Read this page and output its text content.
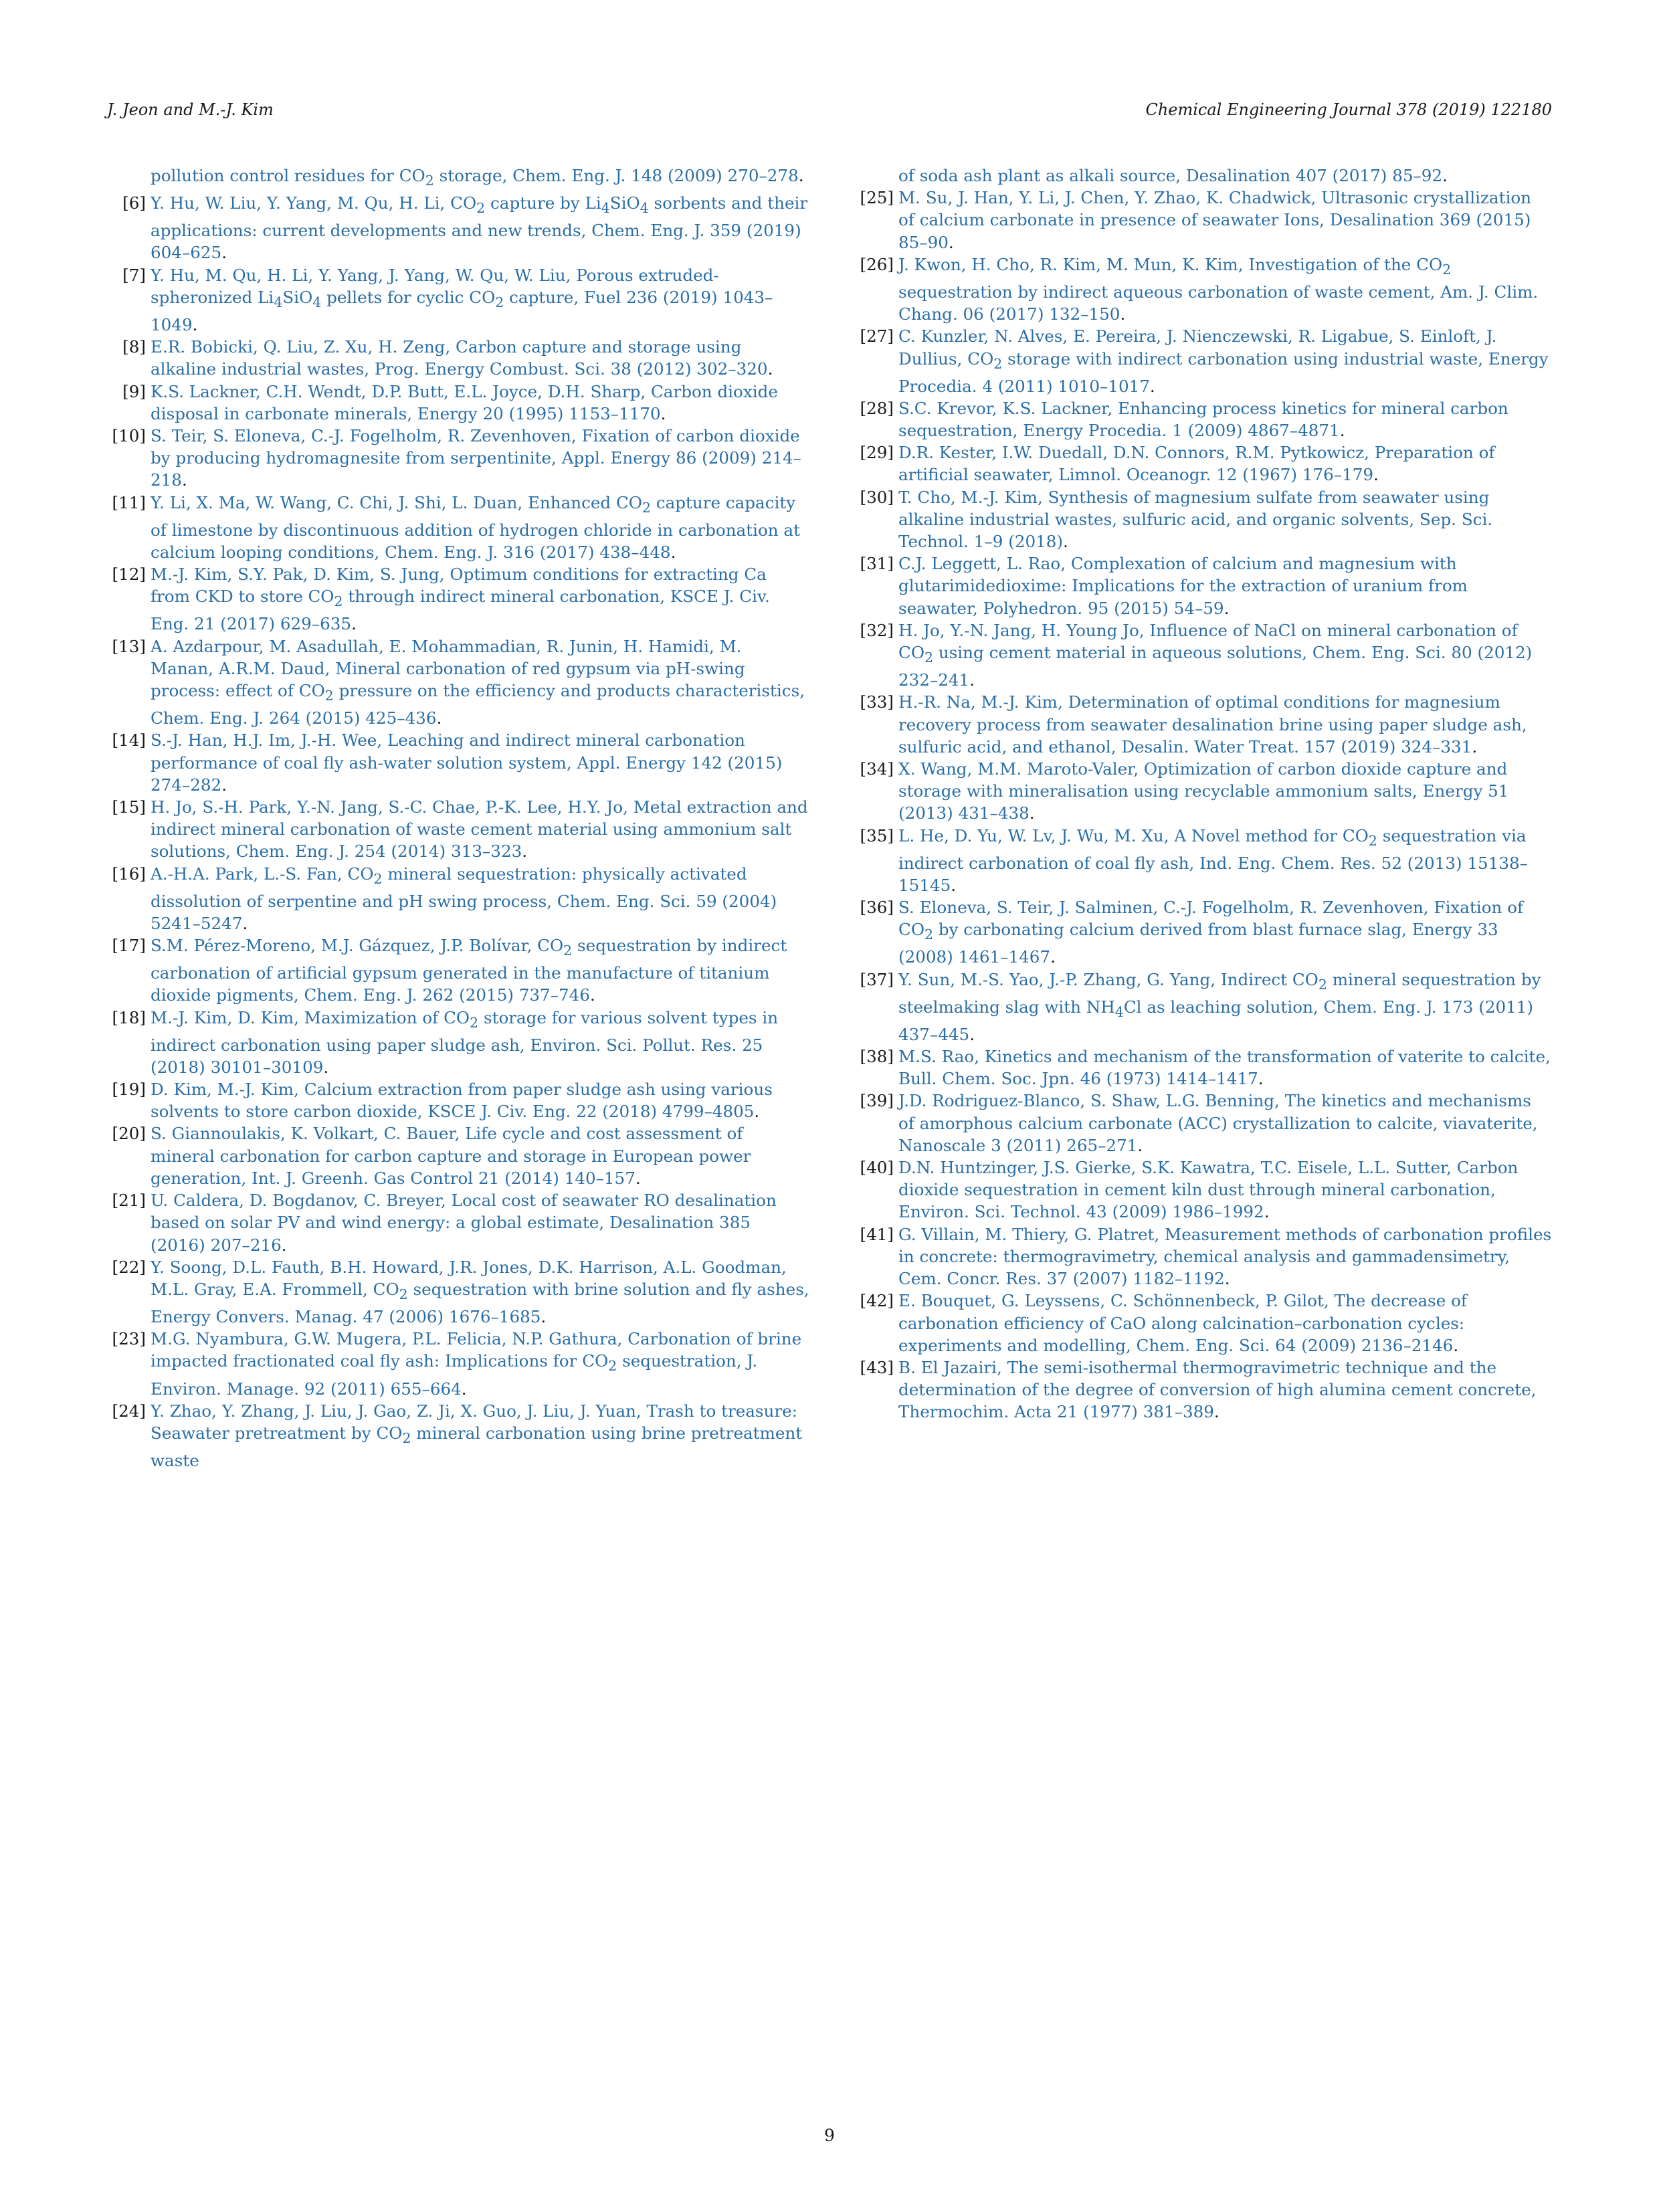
J. Jeon and M.-J. Kim	Chemical Engineering Journal 378 (2019) 122180
pollution control residues for $CO_2$ storage, Chem. Eng. J. 148 (2009) 270–278.
[6] Y. Hu, W. Liu, Y. Yang, M. Qu, H. Li, $CO_2$ capture by $Li_4SiO_4$ sorbents and their applications: current developments and new trends, Chem. Eng. J. 359 (2019) 604–625.
[7] Y. Hu, M. Qu, H. Li, Y. Yang, J. Yang, W. Qu, W. Liu, Porous extruded-spheronized $Li_4SiO_4$ pellets for cyclic $CO_2$ capture, Fuel 236 (2019) 1043–1049.
[8] E.R. Bobicki, Q. Liu, Z. Xu, H. Zeng, Carbon capture and storage using alkaline industrial wastes, Prog. Energy Combust. Sci. 38 (2012) 302–320.
[9] K.S. Lackner, C.H. Wendt, D.P. Butt, E.L. Joyce, D.H. Sharp, Carbon dioxide disposal in carbonate minerals, Energy 20 (1995) 1153–1170.
[10] S. Teir, S. Eloneva, C.-J. Fogelholm, R. Zevenhoven, Fixation of carbon dioxide by producing hydromagnesite from serpentinite, Appl. Energy 86 (2009) 214–218.
[11] Y. Li, X. Ma, W. Wang, C. Chi, J. Shi, L. Duan, Enhanced $CO_2$ capture capacity of limestone by discontinuous addition of hydrogen chloride in carbonation at calcium looping conditions, Chem. Eng. J. 316 (2017) 438–448.
[12] M.-J. Kim, S.Y. Pak, D. Kim, S. Jung, Optimum conditions for extracting Ca from CKD to store $CO_2$ through indirect mineral carbonation, KSCE J. Civ. Eng. 21 (2017) 629–635.
[13] A. Azdarpour, M. Asadullah, E. Mohammadian, R. Junin, H. Hamidi, M. Manan, A.R.M. Daud, Mineral carbonation of red gypsum via pH-swing process: effect of $CO_2$ pressure on the efficiency and products characteristics, Chem. Eng. J. 264 (2015) 425–436.
[14] S.-J. Han, H.J. Im, J.-H. Wee, Leaching and indirect mineral carbonation performance of coal fly ash-water solution system, Appl. Energy 142 (2015) 274–282.
[15] H. Jo, S.-H. Park, Y.-N. Jang, S.-C. Chae, P.-K. Lee, H.Y. Jo, Metal extraction and indirect mineral carbonation of waste cement material using ammonium salt solutions, Chem. Eng. J. 254 (2014) 313–323.
[16] A.-H.A. Park, L.-S. Fan, $CO_2$ mineral sequestration: physically activated dissolution of serpentine and pH swing process, Chem. Eng. Sci. 59 (2004) 5241–5247.
[17] S.M. Pérez-Moreno, M.J. Gázquez, J.P. Bolívar, $CO_2$ sequestration by indirect carbonation of artificial gypsum generated in the manufacture of titanium dioxide pigments, Chem. Eng. J. 262 (2015) 737–746.
[18] M.-J. Kim, D. Kim, Maximization of $CO_2$ storage for various solvent types in indirect carbonation using paper sludge ash, Environ. Sci. Pollut. Res. 25 (2018) 30101–30109.
[19] D. Kim, M.-J. Kim, Calcium extraction from paper sludge ash using various solvents to store carbon dioxide, KSCE J. Civ. Eng. 22 (2018) 4799–4805.
[20] S. Giannoulakis, K. Volkart, C. Bauer, Life cycle and cost assessment of mineral carbonation for carbon capture and storage in European power generation, Int. J. Greenh. Gas Control 21 (2014) 140–157.
[21] U. Caldera, D. Bogdanov, C. Breyer, Local cost of seawater RO desalination based on solar PV and wind energy: a global estimate, Desalination 385 (2016) 207–216.
[22] Y. Soong, D.L. Fauth, B.H. Howard, J.R. Jones, D.K. Harrison, A.L. Goodman, M.L. Gray, E.A. Frommell, $CO_2$ sequestration with brine solution and fly ashes, Energy Convers. Manag. 47 (2006) 1676–1685.
[23] M.G. Nyambura, G.W. Mugera, P.L. Felicia, N.P. Gathura, Carbonation of brine impacted fractionated coal fly ash: Implications for $CO_2$ sequestration, J. Environ. Manage. 92 (2011) 655–664.
[24] Y. Zhao, Y. Zhang, J. Liu, J. Gao, Z. Ji, X. Guo, J. Liu, J. Yuan, Trash to treasure: Seawater pretreatment by $CO_2$ mineral carbonation using brine pretreatment waste
of soda ash plant as alkali source, Desalination 407 (2017) 85–92.
[25] M. Su, J. Han, Y. Li, J. Chen, Y. Zhao, K. Chadwick, Ultrasonic crystallization of calcium carbonate in presence of seawater Ions, Desalination 369 (2015) 85–90.
[26] J. Kwon, H. Cho, R. Kim, M. Mun, K. Kim, Investigation of the $CO_2$ sequestration by indirect aqueous carbonation of waste cement, Am. J. Clim. Chang. 06 (2017) 132–150.
[27] C. Kunzler, N. Alves, E. Pereira, J. Nienczewski, R. Ligabue, S. Einloft, J. Dullius, $CO_2$ storage with indirect carbonation using industrial waste, Energy Procedia. 4 (2011) 1010–1017.
[28] S.C. Krevor, K.S. Lackner, Enhancing process kinetics for mineral carbon sequestration, Energy Procedia. 1 (2009) 4867–4871.
[29] D.R. Kester, I.W. Duedall, D.N. Connors, R.M. Pytkowicz, Preparation of artificial seawater, Limnol. Oceanogr. 12 (1967) 176–179.
[30] T. Cho, M.-J. Kim, Synthesis of magnesium sulfate from seawater using alkaline industrial wastes, sulfuric acid, and organic solvents, Sep. Sci. Technol. 1–9 (2018).
[31] C.J. Leggett, L. Rao, Complexation of calcium and magnesium with glutarimidedioxime: Implications for the extraction of uranium from seawater, Polyhedron. 95 (2015) 54–59.
[32] H. Jo, Y.-N. Jang, H. Young Jo, Influence of NaCl on mineral carbonation of $CO_2$ using cement material in aqueous solutions, Chem. Eng. Sci. 80 (2012) 232–241.
[33] H.-R. Na, M.-J. Kim, Determination of optimal conditions for magnesium recovery process from seawater desalination brine using paper sludge ash, sulfuric acid, and ethanol, Desalin. Water Treat. 157 (2019) 324–331.
[34] X. Wang, M.M. Maroto-Valer, Optimization of carbon dioxide capture and storage with mineralisation using recyclable ammonium salts, Energy 51 (2013) 431–438.
[35] L. He, D. Yu, W. Lv, J. Wu, M. Xu, A Novel method for $CO_2$ sequestration via indirect carbonation of coal fly ash, Ind. Eng. Chem. Res. 52 (2013) 15138–15145.
[36] S. Eloneva, S. Teir, J. Salminen, C.-J. Fogelholm, R. Zevenhoven, Fixation of $CO_2$ by carbonating calcium derived from blast furnace slag, Energy 33 (2008) 1461–1467.
[37] Y. Sun, M.-S. Yao, J.-P. Zhang, G. Yang, Indirect $CO_2$ mineral sequestration by steelmaking slag with $NH_4Cl$ as leaching solution, Chem. Eng. J. 173 (2011) 437–445.
[38] M.S. Rao, Kinetics and mechanism of the transformation of vaterite to calcite, Bull. Chem. Soc. Jpn. 46 (1973) 1414–1417.
[39] J.D. Rodriguez-Blanco, S. Shaw, L.G. Benning, The kinetics and mechanisms of amorphous calcium carbonate (ACC) crystallization to calcite, viavaterite, Nanoscale 3 (2011) 265–271.
[40] D.N. Huntzinger, J.S. Gierke, S.K. Kawatra, T.C. Eisele, L.L. Sutter, Carbon dioxide sequestration in cement kiln dust through mineral carbonation, Environ. Sci. Technol. 43 (2009) 1986–1992.
[41] G. Villain, M. Thiery, G. Platret, Measurement methods of carbonation profiles in concrete: thermogravimetry, chemical analysis and gammadensimetry, Cem. Concr. Res. 37 (2007) 1182–1192.
[42] E. Bouquet, G. Leyssens, C. Schönnenbeck, P. Gilot, The decrease of carbonation efficiency of CaO along calcination–carbonation cycles: experiments and modelling, Chem. Eng. Sci. 64 (2009) 2136–2146.
[43] B. El Jazairi, The semi-isothermal thermogravimetric technique and the determination of the degree of conversion of high alumina cement concrete, Thermochim. Acta 21 (1977) 381–389.
9
